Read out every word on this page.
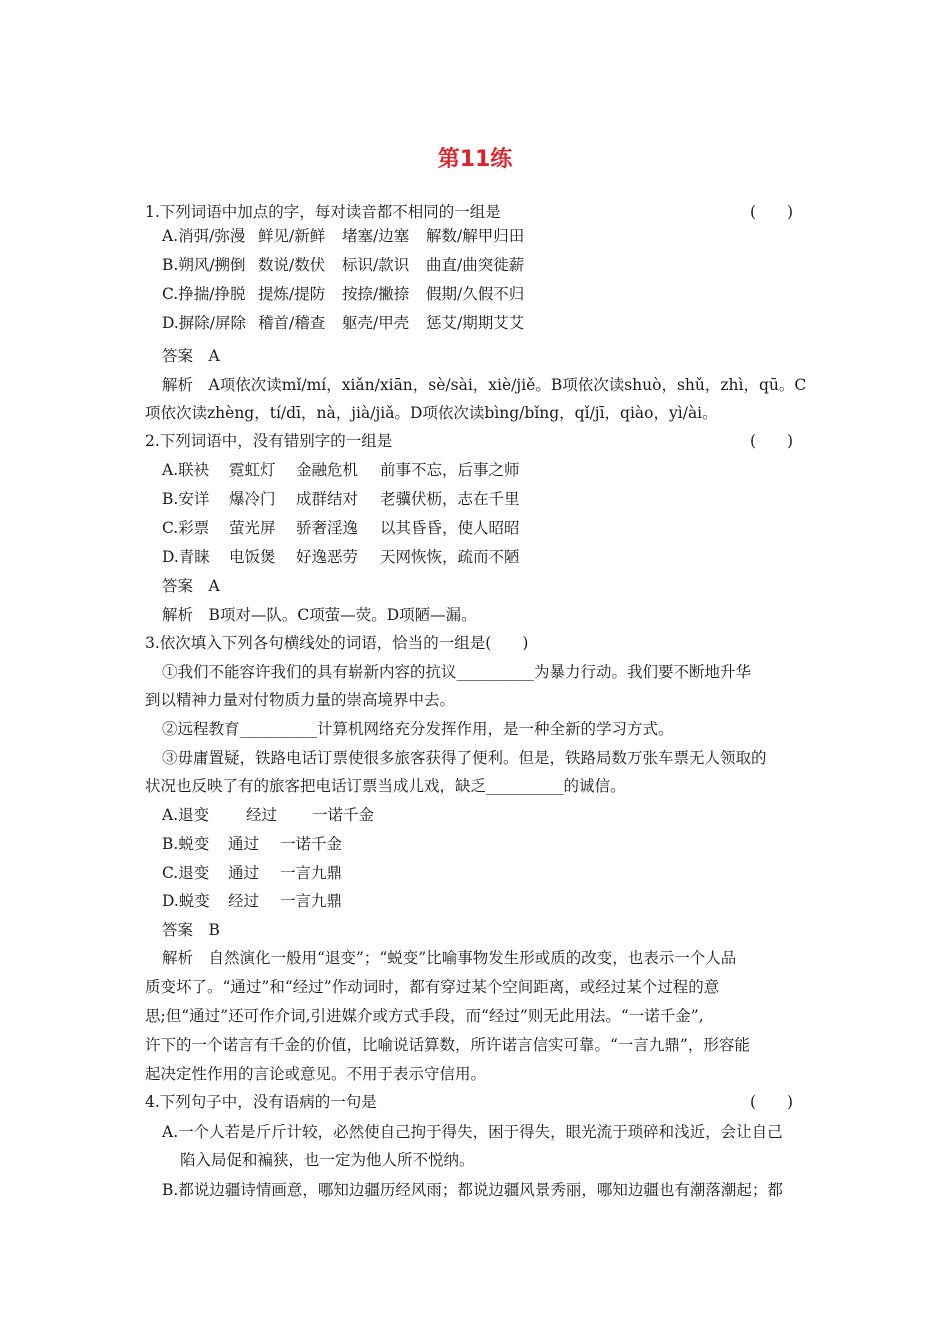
第11练
1.下列词语中加点的字，每对读音都不相同的一组是	(　　)
A.消弭/弥漫 鲜见/新鲜 堵塞/边塞 解数/解甲归田
B.朔风/搠倒 数说/数伏 标识/款识 曲直/曲突徙薪
C.挣揣/挣脱 提炼/提防 按捺/撇捺 假期/久假不归
D.摒除/屏除 稽首/稽查 躯壳/甲壳 惩艾/期期艾艾
答案　A
解析　A项依次读mǐ/mí，xiǎn/xiān，sè/sài，xiè/jiě。B项依次读shuò，shǔ，zhì，qū。C
项依次读zhèng，tí/dī，nà，jià/jiǎ。D项依次读bìng/bǐng，qǐ/jī，qiào，yì/ài。
2.下列词语中，没有错别字的一组是	(　　)
A.联袂 霓虹灯 金融危机 前事不忘，后事之师
B.安详 爆冷门 成群结对 老骥伏枥，志在千里
C.彩票 萤光屏 骄奢淫逸 以其昏昏，使人昭昭
D.青睐 电饭煲 好逸恶劳 天网恢恢，疏而不陋
答案　A
解析　B项对—队。C项萤—荧。D项陋—漏。
3.依次填入下列各句横线处的词语，恰当的一组是(　　)
①我们不能容许我们的具有崭新内容的抗议__________为暴力行动。我们要不断地升华
到以精神力量对付物质力量的崇高境界中去。
②远程教育__________计算机网络充分发挥作用，是一种全新的学习方式。
③毋庸置疑，铁路电话订票使很多旅客获得了便利。但是，铁路局数万张车票无人领取的
状况也反映了有的旅客把电话订票当成儿戏，缺乏__________的诚信。
A.退变 经过 一诺千金
B.蜕变 通过 一诺千金
C.退变 通过 一言九鼎
D.蜕变 经过 一言九鼎
答案　B
解析　自然演化一般用“退变”；“蜕变”比喻事物发生形或质的改变，也表示一个人品
质变坏了。“通过”和“经过”作动词时，都有穿过某个空间距离，或经过某个过程的意
思;但“通过”还可作介词,引进媒介或方式手段，而“经过”则无此用法。“一诺千金”,
许下的一个诺言有千金的价值，比喻说话算数，所许诺言信实可靠。“一言九鼎”，形容能
起决定性作用的言论或意见。不用于表示守信用。
4.下列句子中，没有语病的一句是	(　　)
A.一个人若是斤斤计较，必然使自己拘于得失，困于得失，眼光流于琐碎和浅近，会让自己
陷入局促和褊狭，也一定为他人所不悦纳。
B.都说边疆诗情画意，哪知边疆历经风雨；都说边疆风景秀丽，哪知边疆也有潮落潮起；都
